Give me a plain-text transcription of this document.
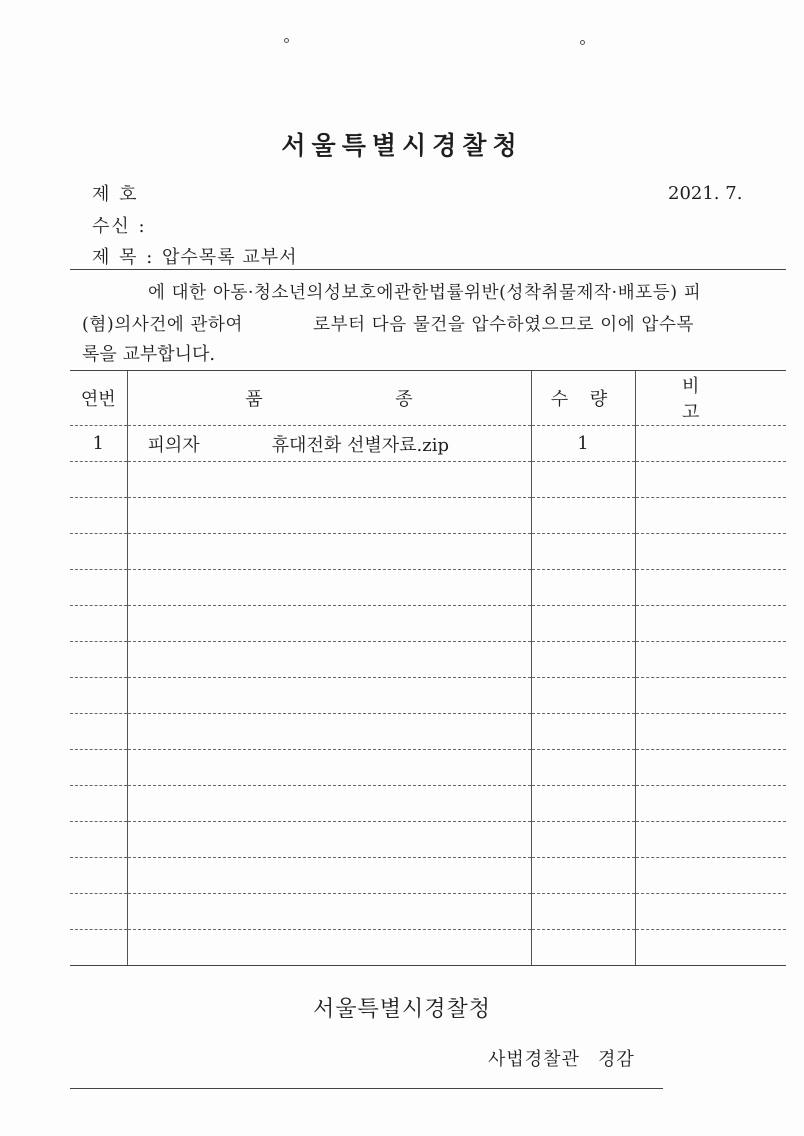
서울특별시경찰청
제 호	2021. 7.
수신 :
제 목 : 압수목록 교부서
에 대한 아동·청소년의성보호에관한법률위반(성착취물제작·배포등) 피
(혐)의사건에 관하여	로부터 다음 물건을 압수하였으므로 이에 압수목
록을 교부합니다.
연번	품 종	수 량	비 고
1	피의자 휴대전화 선별자료.zip	1	

서울특별시경찰청
사법경찰관 경감
